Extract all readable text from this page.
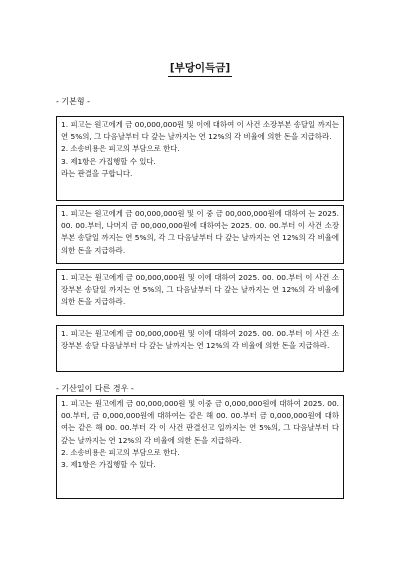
[부당이득금]
- 기본형 -

1. 피고는 원고에게 금 00,000,000원 및 이에 대하여 이 사건 소장부본 송달일 까지는 연 5%의, 그 다음날부터 다 갚는 날까지는 연 12%의 각 비율에 의한 돈을 지급하라.

2. 소송비용은 피고의 부담으로 한다.

3. 제1항은 가집행할 수 있다.

라는 판결을 구합니다.

1. 피고는 원고에게 금 00,000,000원 및 이 중 금 00,000,000원에 대하여 는 2025. 00. 00.부터, 나머지 금 00,000,000원에 대하여는 2025. 00. 00.부터 이 사건 소장부본 송달일 까지는 연 5%의, 각 그 다음날부터 다 갚는 날까지는 연 12%의 각 비율에 의한 돈을 지급하라.

1. 피고는 원고에게 금 00,000,000원 및 이에 대하여 2025. 00. 00.부터 이 사건 소장부본 송달일 까지는 연 5%의, 그 다음날부터 다 갚는 날까지는 연 12%의 각 비율에 의한 돈을 지급하라.

1. 피고는 원고에게 금 00,000,000원 및 이에 대하여 2025. 00. 00.부터 이 사건 소장부본 송달 다음날부터 다 갚는 날까지는 연 12%의 각 비율에 의한 돈을 지급하라.

- 기산일이 다른 경우 -

1. 피고는 원고에게 금 00,000,000원 및 이중 금 0,000,000원에 대하여 2025. 00. 00.부터, 금 0,000,000원에 대하여는 같은 해 00. 00.부터 금 0,000,000원에 대하여는 같은 해 00. 00.부터 각 이 사건 판결선고 일까지는 연 5%의, 그 다음날부터 다 갚는 날까지는 연 12%의 각 비율에 의한 돈을 지급하라.

2. 소송비용은 피고의 부담으로 한다.

3. 제1항은 가집행할 수 있다.
